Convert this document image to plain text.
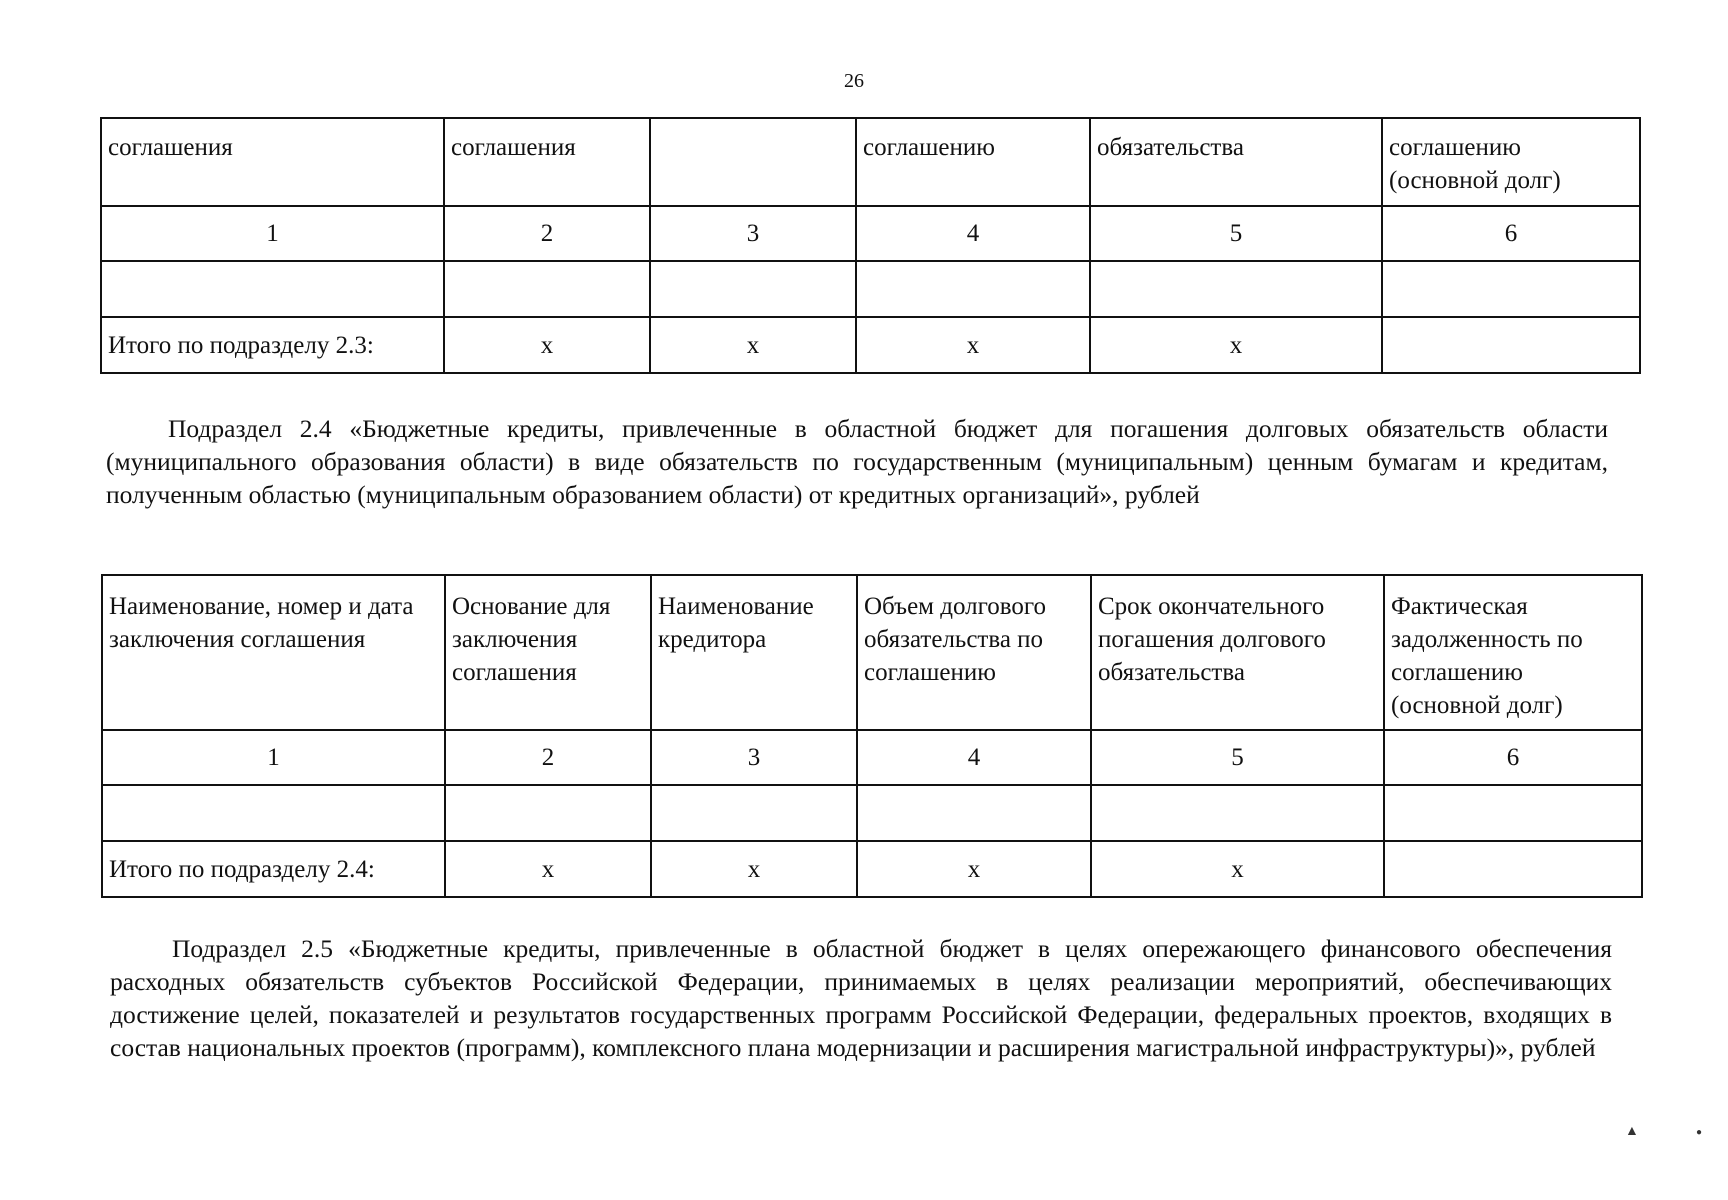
26
соглашения	соглашения		соглашению	обязательства	соглашению (основной долг)
1	2	3	4	5	6

Итого по подразделу 2.3:	x	x	x	x	

Подраздел 2.4 «Бюджетные кредиты, привлеченные в областной бюджет для погашения долговых обязательств области (муниципального образования области) в виде обязательств по государственным (муниципальным) ценным бумагам и кредитам, полученным областью (муниципальным образованием области) от кредитных организаций», рублей

Наименование, номер и дата заключения соглашения	Основание для заключения соглашения	Наименование кредитора	Объем долгового обязательства по соглашению	Срок окончательного погашения долгового обязательства	Фактическая задолженность по соглашению (основной долг)
1	2	3	4	5	6

Итого по подразделу 2.4:	x	x	x	x	

Подраздел 2.5 «Бюджетные кредиты, привлеченные в областной бюджет в целях опережающего финансового обеспечения расходных обязательств субъектов Российской Федерации, принимаемых в целях реализации мероприятий, обеспечивающих достижение целей, показателей и результатов государственных программ Российской Федерации, федеральных проектов, входящих в состав национальных проектов (программ), комплексного плана модернизации и расширения магистральной инфраструктуры)», рублей

▲	●
